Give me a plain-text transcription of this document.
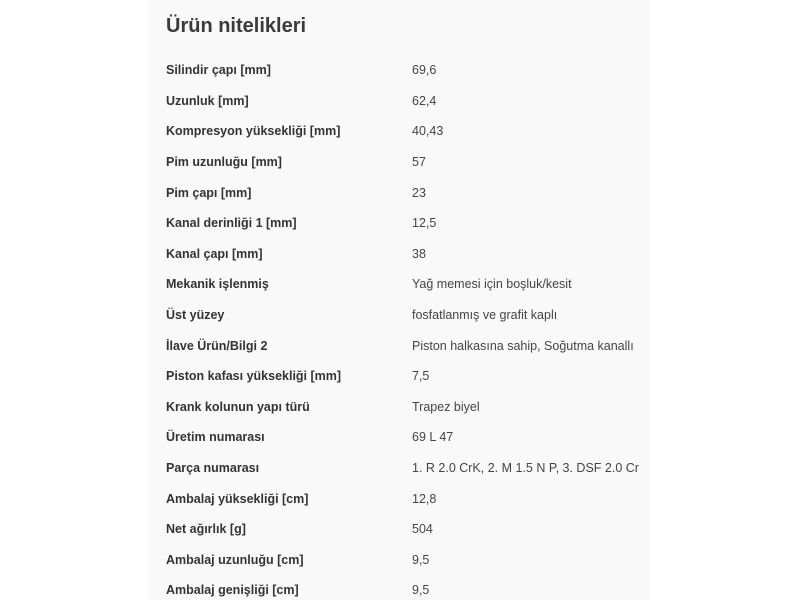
Ürün nitelikleri
Silindir çapı [mm]	69,6
Uzunluk [mm]	62,4
Kompresyon yüksekliği [mm]	40,43
Pim uzunluğu [mm]	57
Pim çapı [mm]	23
Kanal derinliği 1 [mm]	12,5
Kanal çapı [mm]	38
Mekanik işlenmiş	Yağ memesi için boşluk/kesit
Üst yüzey	fosfatlanmış ve grafit kaplı
İlave Ürün/Bilgi 2	Piston halkasına sahip, Soğutma kanallı
Piston kafası yüksekliği [mm]	7,5
Krank kolunun yapı türü	Trapez biyel
Üretim numarası	69 L 47
Parça numarası	1. R 2.0 CrK, 2. M 1.5 N P, 3. DSF 2.0 Cr
Ambalaj yüksekliği [cm]	12,8
Net ağırlık [g]	504
Ambalaj uzunluğu [cm]	9,5
Ambalaj genişliği [cm]	9,5
